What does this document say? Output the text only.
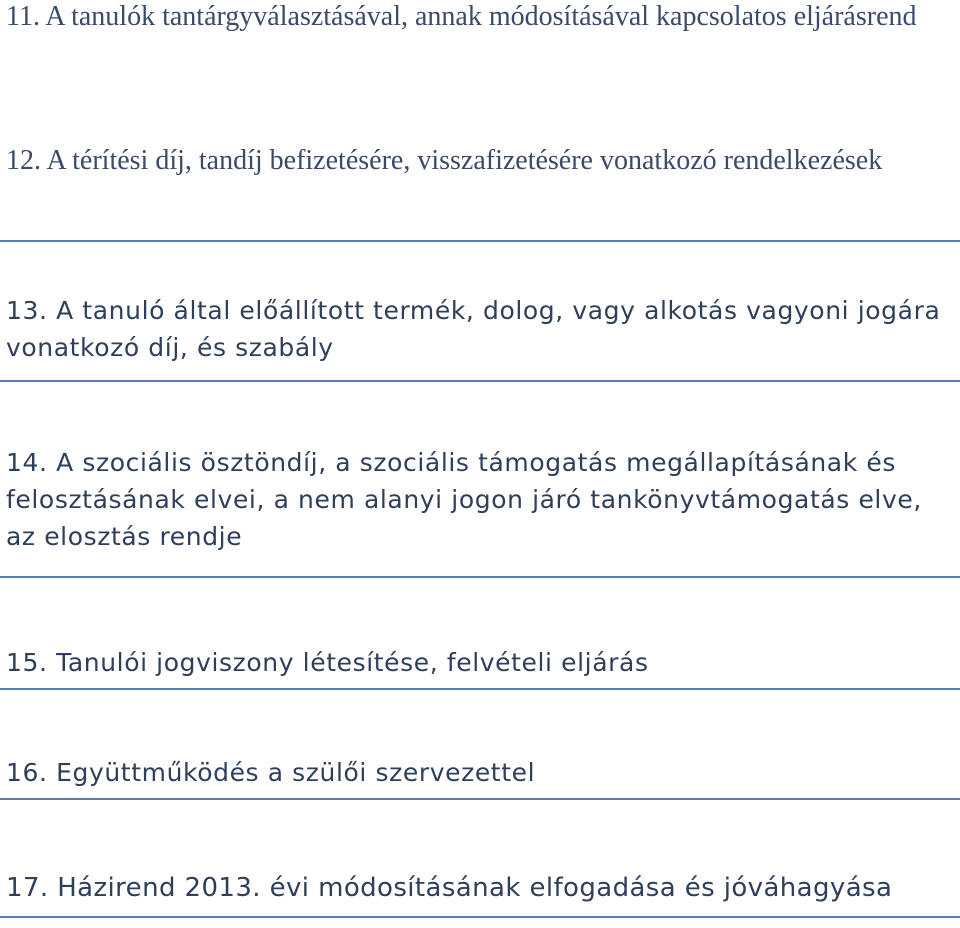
11. A tanulók tantárgyválasztásával, annak módosításával kapcsolatos eljárásrend

12. A térítési díj, tandíj befizetésére, visszafizetésére vonatkozó rendelkezések

13. A tanuló által előállított termék, dolog, vagy alkotás vagyoni jogára vonatkozó díj, és szabály

14. A szociális ösztöndíj, a szociális támogatás megállapításának és felosztásának elvei, a nem alanyi jogon járó tankönyvtámogatás elve, az elosztás rendje

15. Tanulói jogviszony létesítése, felvételi eljárás

16. Együttműködés a szülői szervezettel

17. Házirend 2013. évi módosításának elfogadása és jóváhagyása
